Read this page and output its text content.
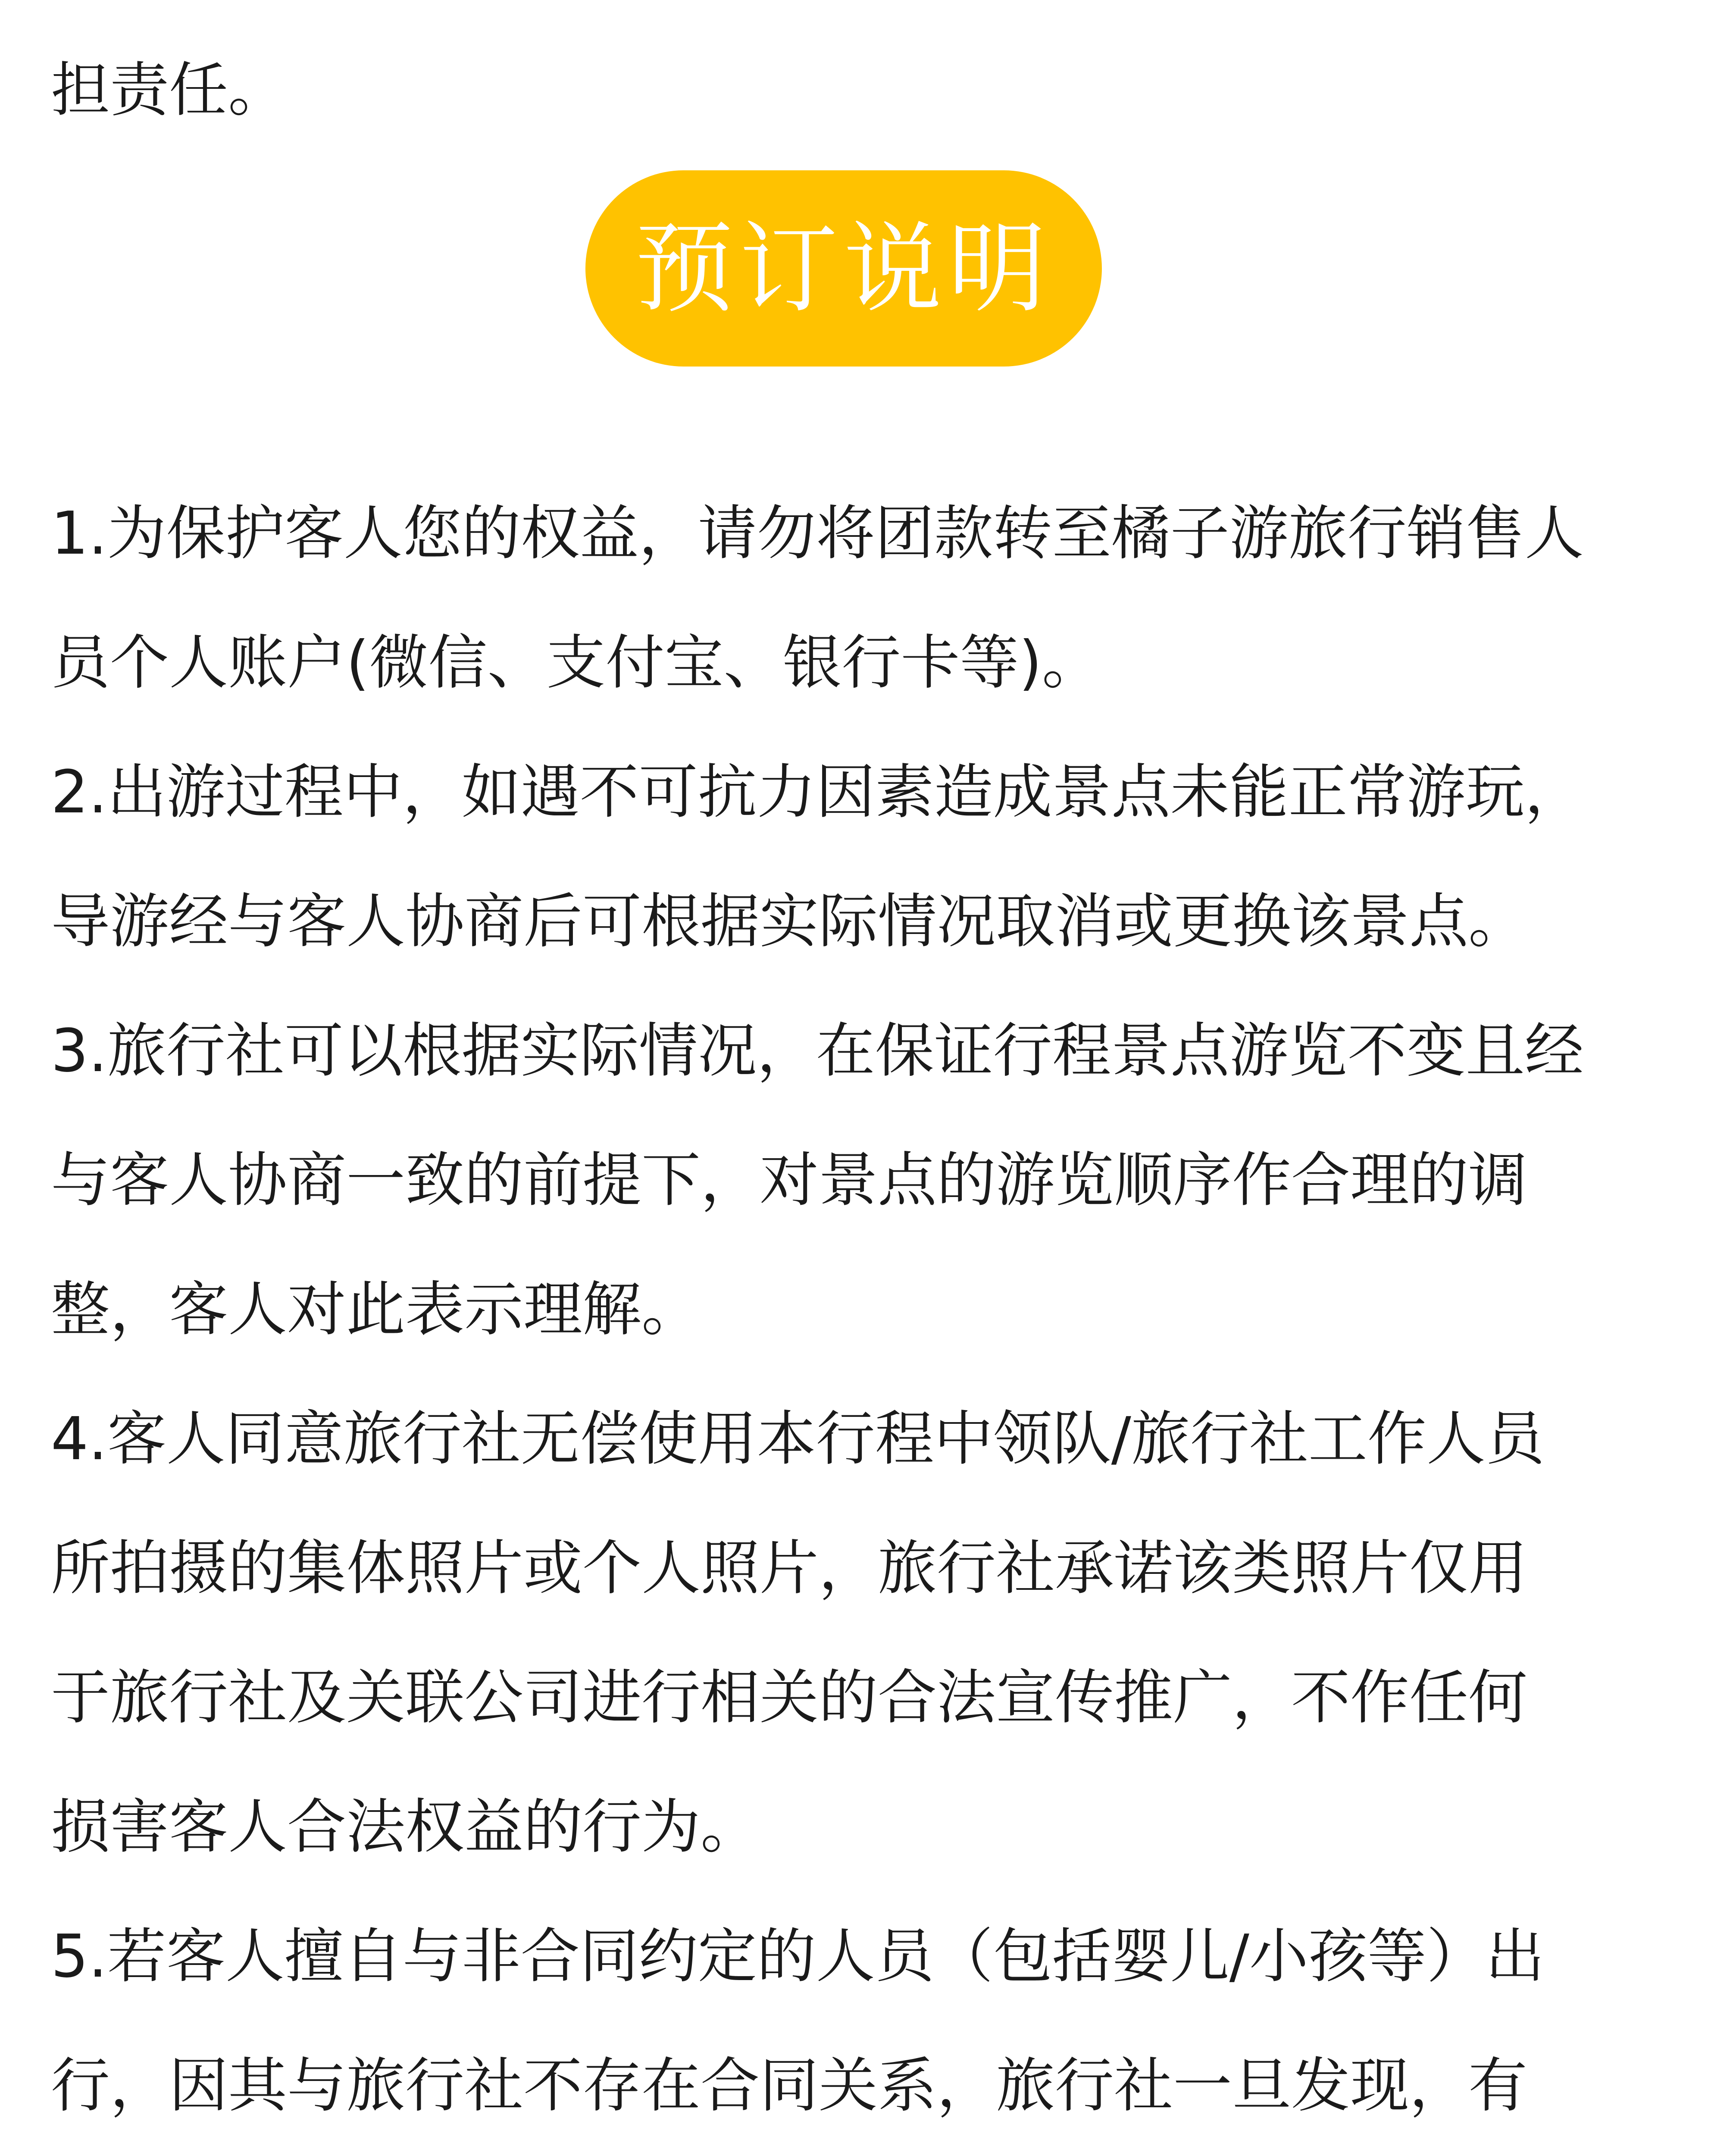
担责任。
预订说明
1.为保护客人您的权益，请勿将团款转至橘子游旅行销售人
员个人账户(微信、支付宝、银行卡等)。
2.出游过程中，如遇不可抗力因素造成景点未能正常游玩，
导游经与客人协商后可根据实际情况取消或更换该景点。
3.旅行社可以根据实际情况，在保证行程景点游览不变且经
与客人协商一致的前提下，对景点的游览顺序作合理的调
整，客人对此表示理解。
4.客人同意旅行社无偿使用本行程中领队/旅行社工作人员
所拍摄的集体照片或个人照片，旅行社承诺该类照片仅用
于旅行社及关联公司进行相关的合法宣传推广，不作任何
损害客人合法权益的行为。
5.若客人擅自与非合同约定的人员（包括婴儿/小孩等）出
行，因其与旅行社不存在合同关系，旅行社一旦发现，有
